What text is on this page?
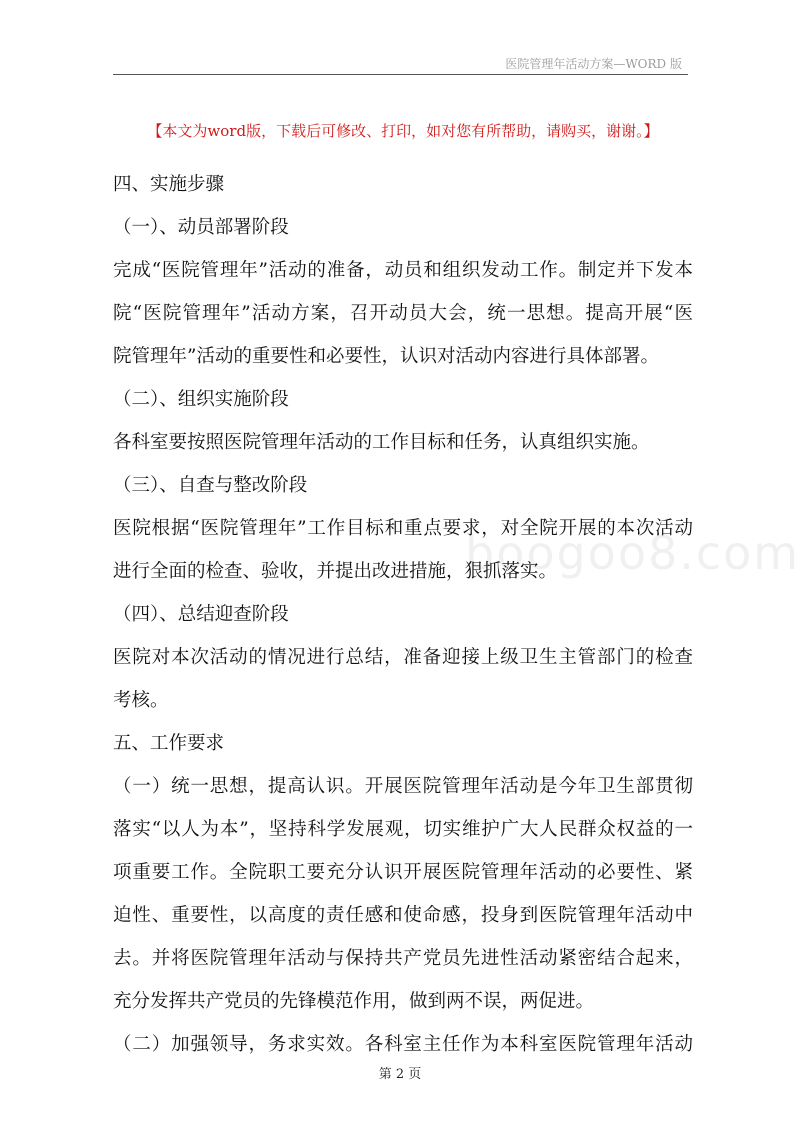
医院管理年活动方案—WORD 版
【本文为word版，下载后可修改、打印，如对您有所帮助，请购买，谢谢。】
四、实施步骤
（一）、动员部署阶段
完成“医院管理年”活动的准备，动员和组织发动工作。制定并下发本
院“医院管理年”活动方案，召开动员大会，统一思想。提高开展“医
院管理年”活动的重要性和必要性，认识对活动内容进行具体部署。
（二）、组织实施阶段
各科室要按照医院管理年活动的工作目标和任务，认真组织实施。
（三）、自查与整改阶段
医院根据“医院管理年”工作目标和重点要求，对全院开展的本次活动
进行全面的检查、验收，并提出改进措施，狠抓落实。
（四）、总结迎查阶段
医院对本次活动的情况进行总结，准备迎接上级卫生主管部门的检查
考核。
五、工作要求
（一）统一思想，提高认识。开展医院管理年活动是今年卫生部贯彻
落实“以人为本”，坚持科学发展观，切实维护广大人民群众权益的一
项重要工作。全院职工要充分认识开展医院管理年活动的必要性、紧
迫性、重要性，以高度的责任感和使命感，投身到医院管理年活动中
去。并将医院管理年活动与保持共产党员先进性活动紧密结合起来，
充分发挥共产党员的先锋模范作用，做到两不误，两促进。
（二）加强领导，务求实效。各科室主任作为本科室医院管理年活动
boogoo8.com
第 2 页
